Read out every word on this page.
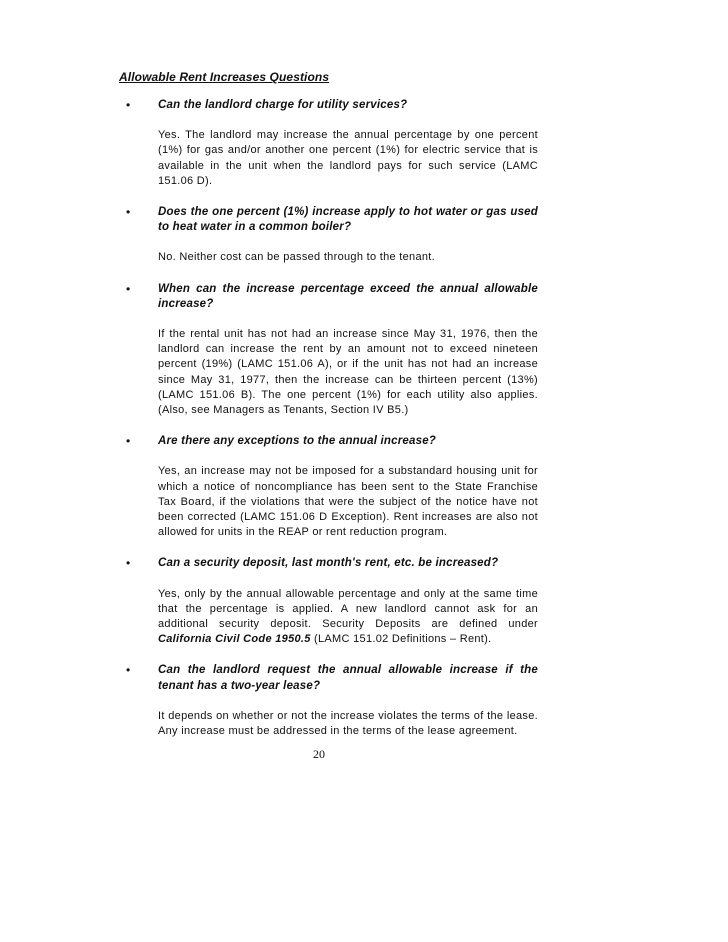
Allowable Rent Increases Questions
• Can the landlord charge for utility services?
Yes. The landlord may increase the annual percentage by one percent (1%) for gas and/or another one percent (1%) for electric service that is available in the unit when the landlord pays for such service (LAMC 151.06 D).
• Does the one percent (1%) increase apply to hot water or gas used to heat water in a common boiler?
No. Neither cost can be passed through to the tenant.
• When can the increase percentage exceed the annual allowable increase?
If the rental unit has not had an increase since May 31, 1976, then the landlord can increase the rent by an amount not to exceed nineteen percent (19%) (LAMC 151.06 A), or if the unit has not had an increase since May 31, 1977, then the increase can be thirteen percent (13%) (LAMC 151.06 B). The one percent (1%) for each utility also applies. (Also, see Managers as Tenants, Section IV B5.)
• Are there any exceptions to the annual increase?
Yes, an increase may not be imposed for a substandard housing unit for which a notice of noncompliance has been sent to the State Franchise Tax Board, if the violations that were the subject of the notice have not been corrected (LAMC 151.06 D Exception). Rent increases are also not allowed for units in the REAP or rent reduction program.
• Can a security deposit, last month's rent, etc. be increased?
Yes, only by the annual allowable percentage and only at the same time that the percentage is applied. A new landlord cannot ask for an additional security deposit. Security Deposits are defined under California Civil Code 1950.5 (LAMC 151.02 Definitions – Rent).
• Can the landlord request the annual allowable increase if the tenant has a two-year lease?
It depends on whether or not the increase violates the terms of the lease. Any increase must be addressed in the terms of the lease agreement.
20
